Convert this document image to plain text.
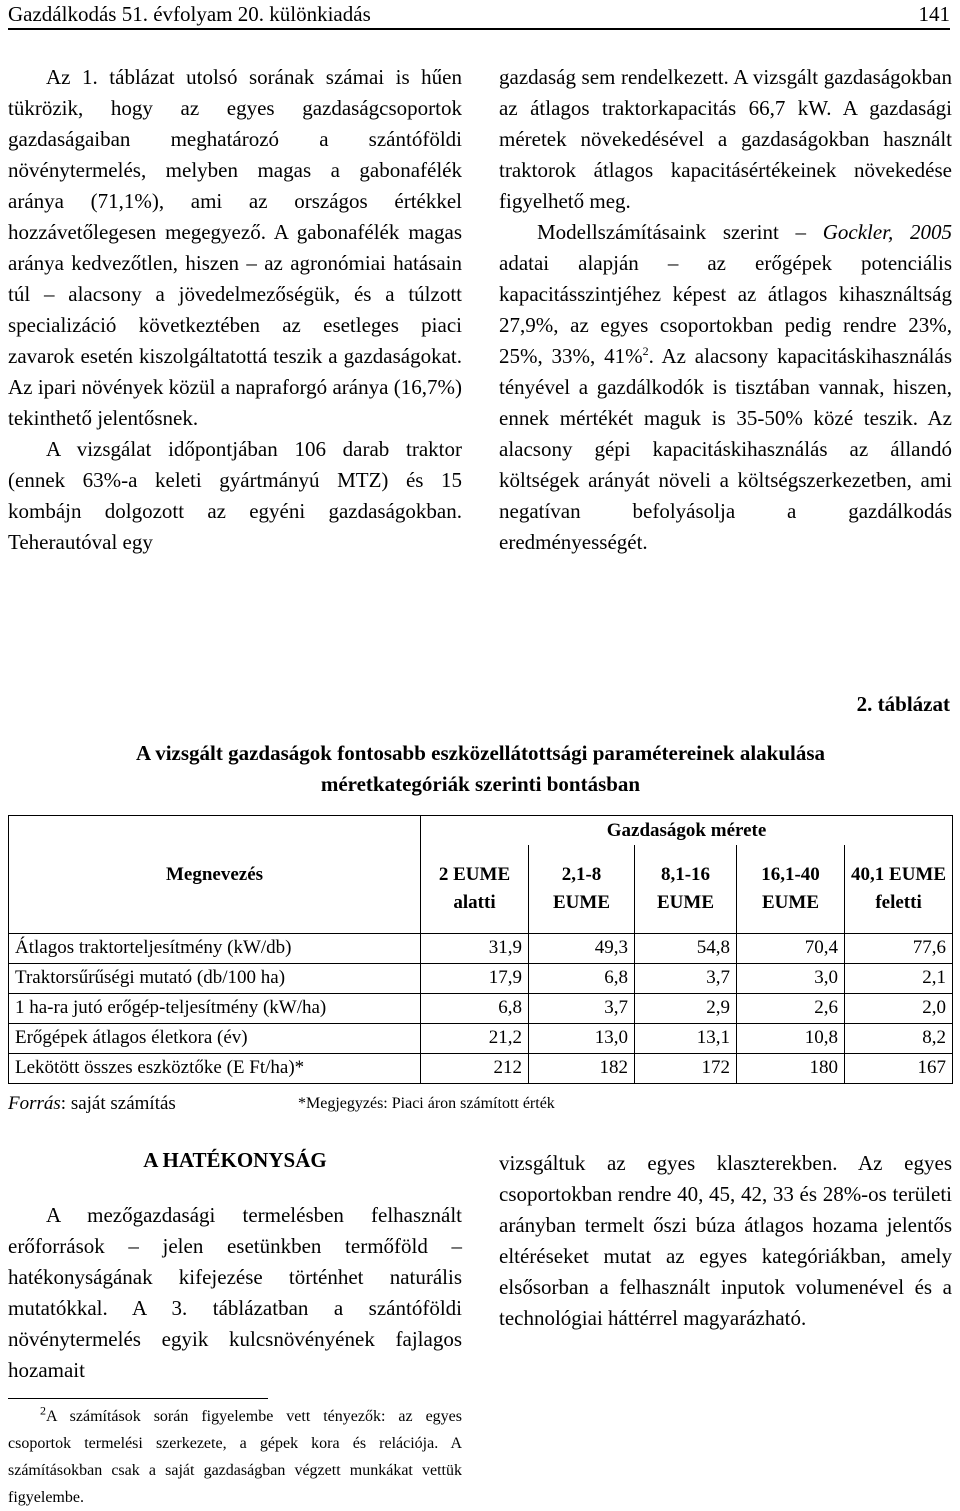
Gazdálkodás 51. évfolyam 20. különkiadás	141

Az 1. táblázat utolsó sorának számai is hűen tükrözik, hogy az egyes gazdaságcsoportok gazdaságaiban meghatározó a szántóföldi növénytermelés, melyben magas a gabonafélék aránya (71,1%), ami az országos értékkel hozzávetőlegesen megegyező. A gabonafélék magas aránya kedvezőtlen, hiszen – az agronómiai hatásain túl – alacsony a jövedelmezőségük, és a túlzott specializáció következtében az esetleges piaci zavarok esetén kiszolgáltatottá teszik a gazdaságokat. Az ipari növények közül a napraforgó aránya (16,7%) tekinthető jelentősnek.

A vizsgálat időpontjában 106 darab traktor (ennek 63%-a keleti gyártmányú MTZ) és 15 kombájn dolgozott az egyéni gazdaságokban. Teherautóval egy

gazdaság sem rendelkezett. A vizsgált gazdaságokban az átlagos traktorkapacitás 66,7 kW. A gazdasági méretek növekedésével a gazdaságokban használt traktorok átlagos kapacitásértékeinek növekedése figyelhető meg.

Modellszámításaink szerint – Gockler, 2005 adatai alapján – az erőgépek potenciális kapacitásszintjéhez képest az átlagos kihasználtság 27,9%, az egyes csoportokban pedig rendre 23%, 25%, 33%, 41%$^2$. Az alacsony kapacitáskihasználás tényével a gazdálkodók is tisztában vannak, hiszen, ennek mértékét maguk is 35-50% közé teszik. Az alacsony gépi kapacitáskihasználás az állandó költségek arányát növeli a költségszerkezetben, ami negatívan befolyásolja a gazdálkodás eredményességét.

2. táblázat
A vizsgált gazdaságok fontosabb eszközellátottsági paramétereinek alakulása
méretkategóriák szerinti bontásban
Megnevezés	Gazdaságok mérete				
	2 EUME alatti	2,1-8 EUME	8,1-16 EUME	16,1-40 EUME	40,1 EUME feletti
Átlagos traktorteljesítmény (kW/db)	31,9	49,3	54,8	70,4	77,6
Traktorsűrűségi mutató (db/100 ha)	17,9	6,8	3,7	3,0	2,1
1 ha-ra jutó erőgép-teljesítmény (kW/ha)	6,8	3,7	2,9	2,6	2,0
Erőgépek átlagos életkora (év)	21,2	13,0	13,1	10,8	8,2
Lekötött összes eszköztőke (E Ft/ha)*	212	182	172	180	167
Forrás: saját számítás	*Megjegyzés: Piaci áron számított érték
A HATÉKONYSÁG

A mezőgazdasági termelésben felhasznált erőforrások – jelen esetünkben termőföld – hatékonyságának kifejezése történhet naturális mutatókkal. A 3. táblázatban a szántóföldi növénytermelés egyik kulcsnövényének fajlagos hozamait

vizsgáltuk az egyes klaszterekben. Az egyes csoportokban rendre 40, 45, 42, 33 és 28%-os területi arányban termelt őszi búza átlagos hozama jelentős eltéréseket mutat az egyes kategóriákban, amely elsősorban a felhasznált inputok volumenével és a technológiai háttérrel magyarázható.

$^2$A számítások során figyelembe vett tényezők: az egyes csoportok termelési szerkezete, a gépek kora és relációja. A számításokban csak a saját gazdaságban végzett munkákat vettük figyelembe.
